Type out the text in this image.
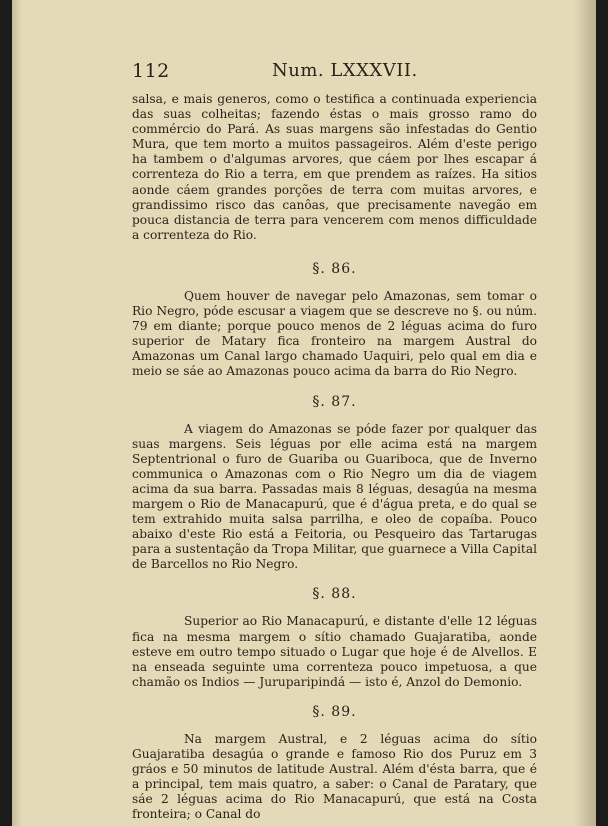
112	Num. LXXXVII.

salsa, e mais generos, como o testifica a continuada experiencia das suas colheitas; fazendo éstas o mais grosso ramo do commércio do Pará. As suas margens são infestadas do Gentio Mura, que tem morto a muitos passageiros. Além d'este perigo ha tambem o d'algumas arvores, que cáem por lhes escapar á correnteza do Rio a terra, em que prendem as raízes. Ha sitios aonde cáem grandes porções de terra com muitas arvores, e grandissimo risco das canôas, que precisamente navegão em pouca distancia de terra para vencerem com menos difficuldade a correnteza do Rio.

§. 86.

Quem houver de navegar pelo Amazonas, sem tomar o Rio Negro, póde escusar a viagem que se descreve no §. ou núm. 79 em diante; porque pouco menos de 2 léguas acima do furo superior de Matary fica fronteiro na margem Austral do Amazonas um Canal largo chamado Uaquiri, pelo qual em dia e meio se sáe ao Amazonas pouco acima da barra do Rio Negro.

§. 87.

A viagem do Amazonas se póde fazer por qualquer das suas margens. Seis léguas por elle acima está na margem Septentrional o furo de Guariba ou Guariboca, que de Inverno communica o Amazonas com o Rio Negro um dia de viagem acima da sua barra. Passadas mais 8 léguas, desagúa na mesma margem o Rio de Manacapurú, que é d'água preta, e do qual se tem extrahido muita salsa parrilha, e oleo de copaíba. Pouco abaixo d'este Rio está a Feitoria, ou Pesqueiro das Tartarugas para a sustentação da Tropa Militar, que guarnece a Villa Capital de Barcellos no Rio Negro.

§. 88.

Superior ao Rio Manacapurú, e distante d'elle 12 léguas fica na mesma margem o sítio chamado Guajaratiba, aonde esteve em outro tempo situado o Lugar que hoje é de Alvellos. E na enseada seguinte uma correnteza pouco impetuosa, a que chamão os Indios — Juruparipindá — isto é, Anzol do Demonio.

§. 89.

Na margem Austral, e 2 léguas acima do sítio Guajaratiba desagúa o grande e famoso Rio dos Puruz em 3 gráos e 50 minutos de latitude Austral. Além d'ésta barra, que é a principal, tem mais quatro, a saber: o Canal de Paratary, que sáe 2 léguas acima do Rio Manacapurú, que está na Costa fronteira; o Canal do
